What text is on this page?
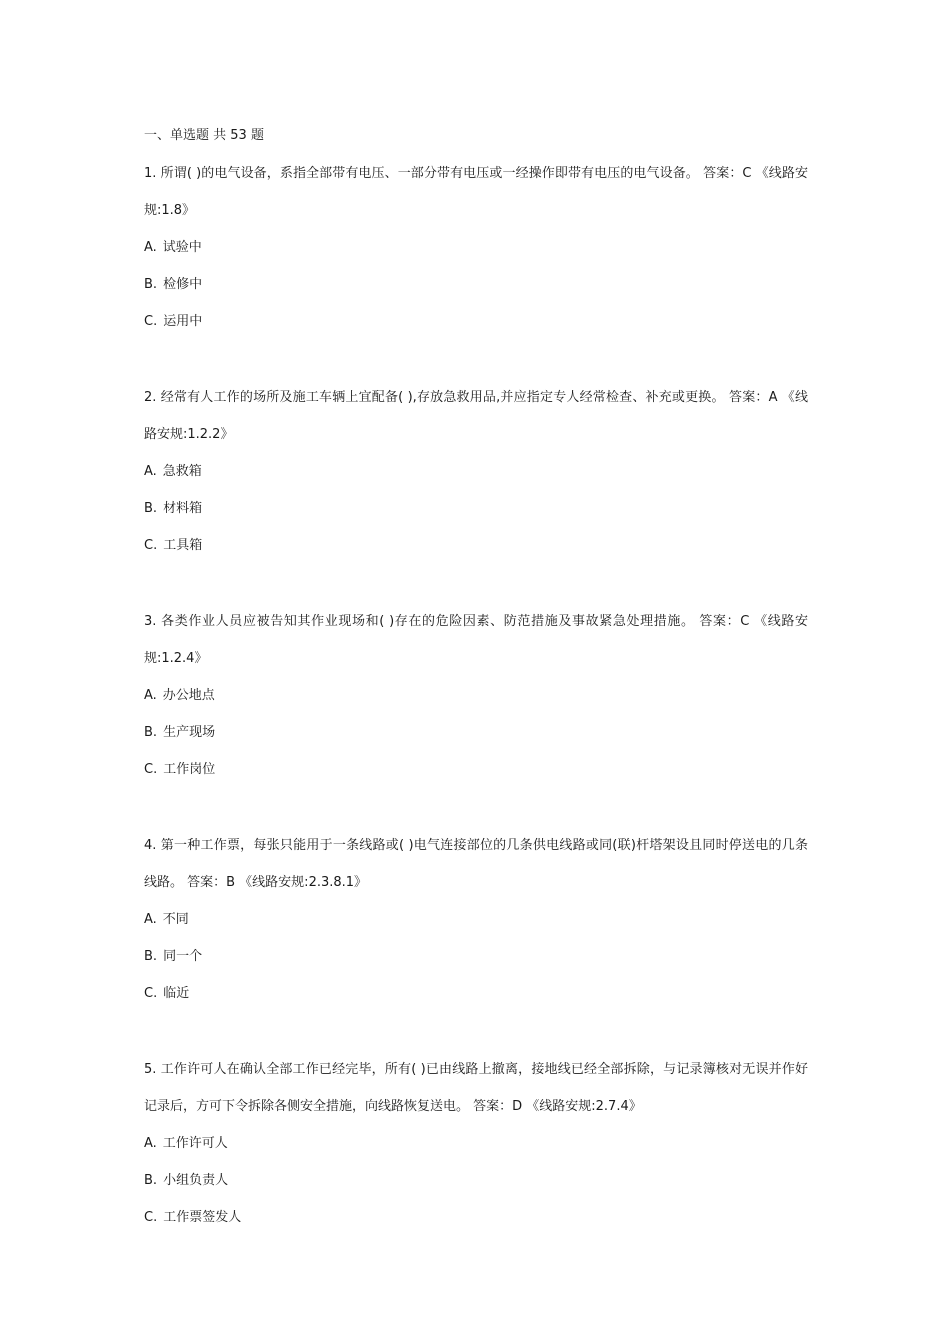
一、单选题 共 53 题

1. 所谓( )的电气设备，系指全部带有电压、一部分带有电压或一经操作即带有电压的电气设备。 答案：C 《线路安规:1.8》

A. 试验中

B. 检修中

C. 运用中

2. 经常有人工作的场所及施工车辆上宜配备( ),存放急救用品,并应指定专人经常检查、补充或更换。 答案：A 《线路安规:1.2.2》

A. 急救箱

B. 材料箱

C. 工具箱

3. 各类作业人员应被告知其作业现场和( )存在的危险因素、防范措施及事故紧急处理措施。 答案：C 《线路安规:1.2.4》

A. 办公地点

B. 生产现场

C. 工作岗位

4. 第一种工作票，每张只能用于一条线路或( )电气连接部位的几条供电线路或同(联)杆塔架设且同时停送电的几条线路。 答案：B 《线路安规:2.3.8.1》

A. 不同

B. 同一个

C. 临近

5. 工作许可人在确认全部工作已经完毕，所有( )已由线路上撤离，接地线已经全部拆除，与记录簿核对无误并作好记录后，方可下令拆除各侧安全措施，向线路恢复送电。 答案：D 《线路安规:2.7.4》

A. 工作许可人

B. 小组负责人

C. 工作票签发人
